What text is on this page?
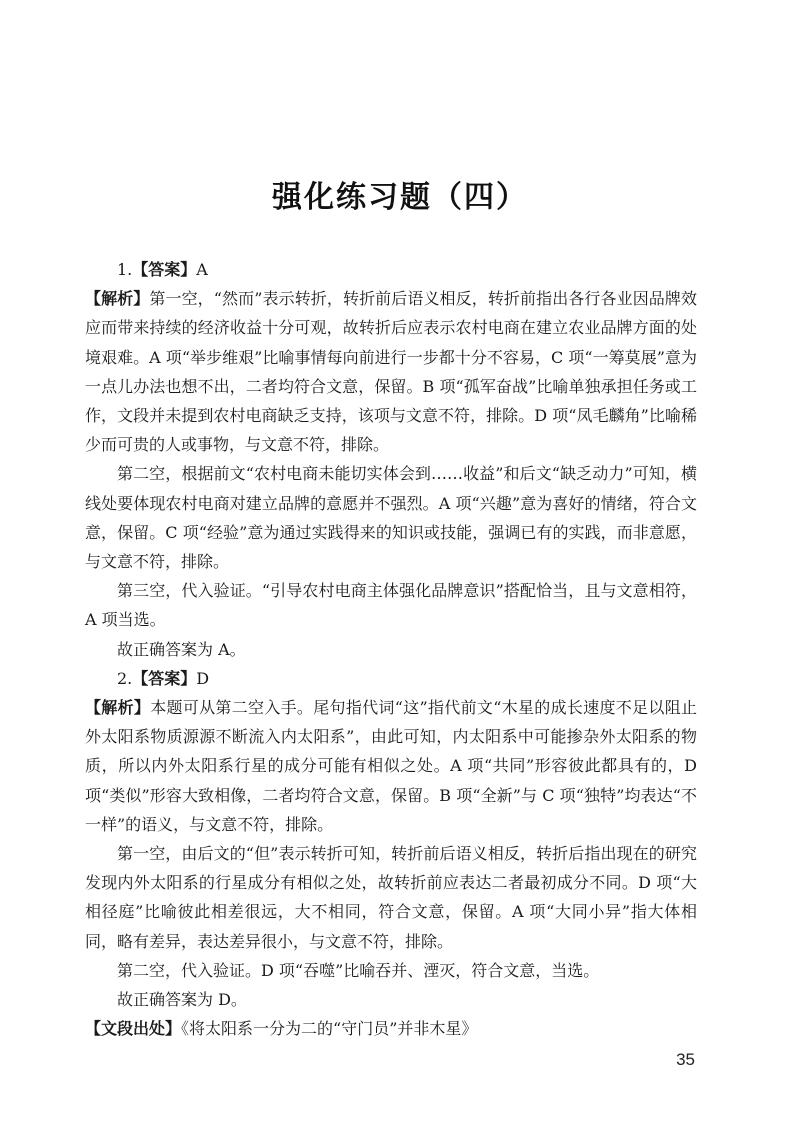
强化练习题（四）

1.【答案】A

【解析】第一空，“然而”表示转折，转折前后语义相反，转折前指出各行各业因品牌效应而带来持续的经济收益十分可观，故转折后应表示农村电商在建立农业品牌方面的处境艰难。A 项“举步维艰”比喻事情每向前进行一步都十分不容易，C 项“一筹莫展”意为一点儿办法也想不出，二者均符合文意，保留。B 项“孤军奋战”比喻单独承担任务或工作，文段并未提到农村电商缺乏支持，该项与文意不符，排除。D 项“凤毛麟角”比喻稀少而可贵的人或事物，与文意不符，排除。

第二空，根据前文“农村电商未能切实体会到……收益”和后文“缺乏动力”可知，横线处要体现农村电商对建立品牌的意愿并不强烈。A 项“兴趣”意为喜好的情绪，符合文意，保留。C 项“经验”意为通过实践得来的知识或技能，强调已有的实践，而非意愿，与文意不符，排除。

第三空，代入验证。“引导农村电商主体强化品牌意识”搭配恰当，且与文意相符，A 项当选。

故正确答案为 A。

2.【答案】D

【解析】本题可从第二空入手。尾句指代词“这”指代前文“木星的成长速度不足以阻止外太阳系物质源源不断流入内太阳系”，由此可知，内太阳系中可能掺杂外太阳系的物质，所以内外太阳系行星的成分可能有相似之处。A 项“共同”形容彼此都具有的，D 项“类似”形容大致相像，二者均符合文意，保留。B 项“全新”与 C 项“独特”均表达“不一样”的语义，与文意不符，排除。

第一空，由后文的“但”表示转折可知，转折前后语义相反，转折后指出现在的研究发现内外太阳系的行星成分有相似之处，故转折前应表达二者最初成分不同。D 项“大相径庭”比喻彼此相差很远，大不相同，符合文意，保留。A 项“大同小异”指大体相同，略有差异，表达差异很小，与文意不符，排除。

第二空，代入验证。D 项“吞噬”比喻吞并、湮灭，符合文意，当选。

故正确答案为 D。

【文段出处】《将太阳系一分为二的“守门员”并非木星》

35
